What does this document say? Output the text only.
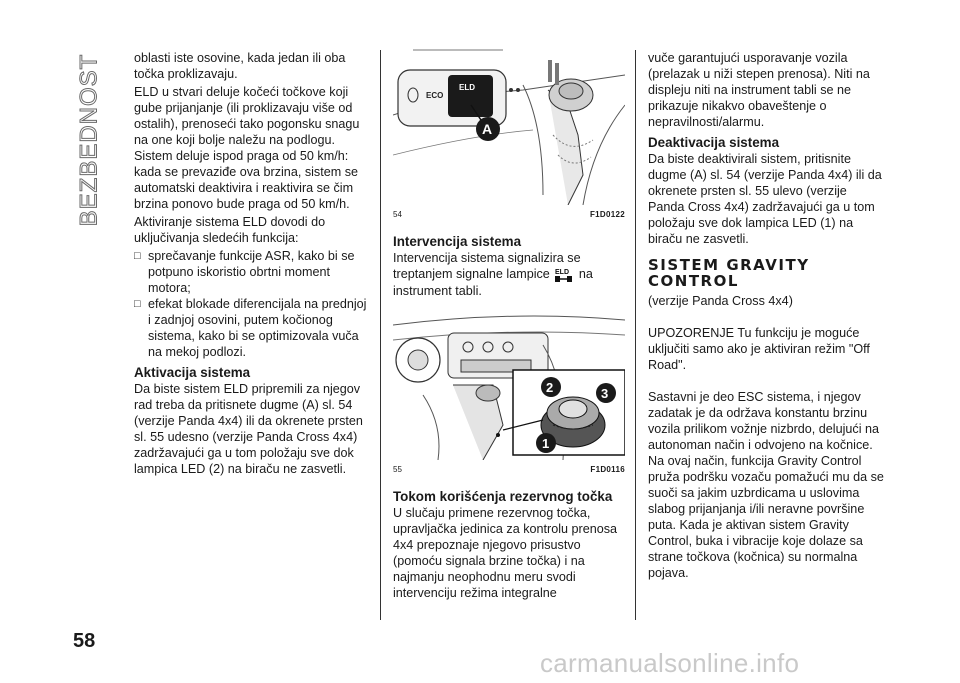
BEZBEDNOST	oblasti iste osovine, kada jedan ili oba točka proklizavaju.

ELD u stvari deluje kočeći točkove koji gube prijanjanje (ili proklizavaju više od ostalih), prenoseći tako pogonsku snagu na one koji bolje naležu na podlogu. Sistem deluje ispod praga od 50 km/h: kada se prevaziđe ova brzina, sistem se automatski deaktivira i reaktivira se čim brzina ponovo bude praga od 50 km/h.

Aktiviranje sistema ELD dovodi do uključivanja sledećih funkcija:

□ sprečavanje funkcije ASR, kako bi se potpuno iskoristio obrtni moment motora;
□ efekat blokade diferencijala na prednjoj i zadnjoj osovini, putem kočionog sistema, kako bi se optimizovala vuča na mekoj podlozi.
Aktivacija sistema

Da biste sistem ELD pripremili za njegov rad treba da pritisnete dugme (A) sl. 54 (verzije Panda 4x4) ili da okrenete prsten sl. 55 udesno (verzije Panda Cross 4x4) zadržavajući ga u tom položaju sve dok lampica LED (2) na biraču ne zasvetli.

ECO
ELD
A
54	F1D0122
Intervencija sistema

Intervencija sistema signalizira se treptanjem signalne lampice ELD na instrument tabli.

2	3
1
55	F1D0116
Tokom korišćenja rezervnog točka

U slučaju primene rezervnog točka, upravljačka jedinica za kontrolu prenosa 4x4 prepoznaje njegovo prisustvo (pomoću signala brzine točka) i na najmanju neophodnu meru svodi intervenciju režima integralne

vuče garantujući usporavanje vozila (prelazak u niži stepen prenosa). Niti na displeju niti na instrument tabli se ne prikazuje nikakvo obaveštenje o nepravilnosti/alarmu.

Deaktivacija sistema

Da biste deaktivirali sistem, pritisnite dugme (A) sl. 54 (verzije Panda 4x4) ili da okrenete prsten sl. 55 ulevo (verzije Panda Cross 4x4) zadržavajući ga u tom položaju sve dok lampica LED (1) na biraču ne zasvetli.

SISTEM GRAVITY CONTROL

(verzije Panda Cross 4x4)

UPOZORENJE Tu funkciju je moguće uključiti samo ako je aktiviran režim "Off Road".

Sastavni je deo ESC sistema, i njegov zadatak je da održava konstantu brzinu vozila prilikom vožnje nizbrdo, delujući na autonoman način i odvojeno na kočnice. Na ovaj način, funkcija Gravity Control pruža podršku vozaču pomažući mu da se suoči sa jakim uzbrdicama u uslovima slabog prijanjanja i/ili neravne površine puta. Kada je aktivan sistem Gravity Control, buka i vibracije koje dolaze sa strane točkova (kočnica) su normalna pojava.

58
carmanualsonline.info
